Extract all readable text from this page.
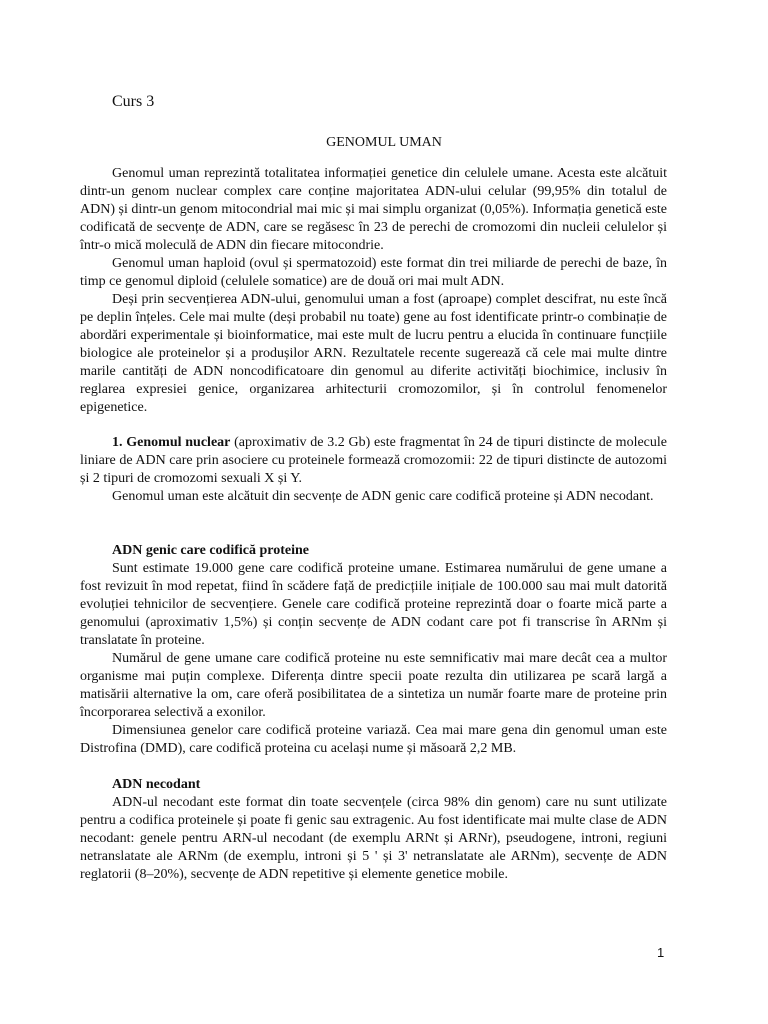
Curs 3
GENOMUL UMAN

Genomul uman reprezintă totalitatea informației genetice din celulele umane. Acesta este alcătuit dintr-un genom nuclear complex care conține majoritatea ADN-ului celular (99,95% din totalul de ADN) și dintr-un genom mitocondrial mai mic și mai simplu organizat (0,05%). Informația genetică este codificată de secvențe de ADN, care se regăsesc în 23 de perechi de cromozomi din nucleii celulelor și într-o mică moleculă de ADN din fiecare mitocondrie.

Genomul uman haploid (ovul și spermatozoid) este format din trei miliarde de perechi de baze, în timp ce genomul diploid (celulele somatice) are de două ori mai mult ADN.

Deși prin secvențierea ADN-ului, genomului uman a fost (aproape) complet descifrat, nu este încă pe deplin înțeles. Cele mai multe (deși probabil nu toate) gene au fost identificate printr-o combinație de abordări experimentale și bioinformatice, mai este mult de lucru pentru a elucida în continuare funcțiile biologice ale proteinelor și a produșilor ARN. Rezultatele recente sugerează că cele mai multe dintre marile cantități de ADN noncodificatoare din genomul au diferite activități biochimice, inclusiv în reglarea expresiei genice, organizarea arhitecturii cromozomilor, și în controlul fenomenelor epigenetice.

1. Genomul nuclear (aproximativ de 3.2 Gb) este fragmentat în 24 de tipuri distincte de molecule liniare de ADN care prin asociere cu proteinele formează cromozomii: 22 de tipuri distincte de autozomi și 2 tipuri de cromozomi sexuali X și Y.

Genomul uman este alcătuit din secvențe de ADN genic care codifică proteine și ADN necodant.

ADN genic care codifică proteine

Sunt estimate 19.000 gene care codifică proteine umane. Estimarea numărului de gene umane a fost revizuit în mod repetat, fiind în scădere față de predicțiile inițiale de 100.000 sau mai mult datorită evoluției tehnicilor de secvențiere. Genele care codifică proteine reprezintă doar o foarte mică parte a genomului (aproximativ 1,5%) și conțin secvențe de ADN codant care pot fi transcrise în ARNm și translatate în proteine.

Numărul de gene umane care codifică proteine nu este semnificativ mai mare decât cea a multor organisme mai puțin complexe. Diferența dintre specii poate rezulta din utilizarea pe scară largă a matisării alternative la om, care oferă posibilitatea de a sintetiza un număr foarte mare de proteine prin încorporarea selectivă a exonilor.

Dimensiunea genelor care codifică proteine variază. Cea mai mare gena din genomul uman este Distrofina (DMD), care codifică proteina cu același nume și măsoară 2,2 MB.

ADN necodant

ADN-ul necodant este format din toate secvențele (circa 98% din genom) care nu sunt utilizate pentru a codifica proteinele și poate fi genic sau extragenic. Au fost identificate mai multe clase de ADN necodant: genele pentru ARN-ul necodant (de exemplu ARNt și ARNr), pseudogene, introni, regiuni netranslatate ale ARNm (de exemplu, introni și 5 ' și 3' netranslatate ale ARNm), secvențe de ADN reglatorii (8–20%), secvențe de ADN repetitive și elemente genetice mobile.

1
